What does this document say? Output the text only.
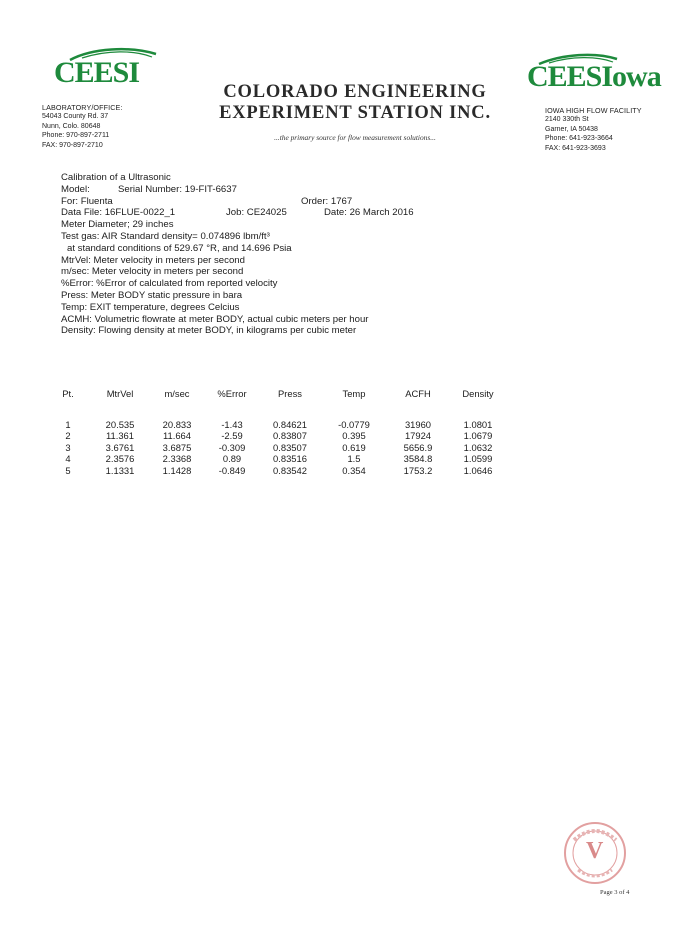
CEESI
LABORATORY/OFFICE:
54043 County Rd. 37
Nunn, Colo. 80648
Phone: 970-897-2711
FAX: 970-897-2710
COLORADO ENGINEERING
EXPERIMENT STATION INC.
...the primary source for flow measurement solutions...
CEESIowa
IOWA HIGH FLOW FACILITY
2140 330th St
Garner, IA 50438
Phone: 641-923-3664
FAX: 641-923-3693
Calibration of a Ultrasonic
Model:	Serial Number: 19-FIT-6637
For: Fluenta	Order: 1767
Data File: 16FLUE-0022_1	Job: CE24025	Date: 26 March 2016
Meter Diameter; 29 inches
Test gas: AIR Standard density= 0.074896 lbm/ft³
at standard conditions of 529.67 °R, and 14.696 Psia
MtrVel: Meter velocity in meters per second
m/sec: Meter velocity in meters per second
%Error: %Error of calculated from reported velocity
Press: Meter BODY static pressure in bara
Temp: EXIT temperature, degrees Celcius
ACMH: Volumetric flowrate at meter BODY, actual cubic meters per hour
Density: Flowing density at meter BODY, in kilograms per cubic meter
Pt.	MtrVel	m/sec	%Error	Press	Temp	ACFH	Density
1	20.535	20.833	-1.43	0.84621	-0.0779	31960	1.0801
2	11.361	11.664	-2.59	0.83807	0.395	17924	1.0679
3	3.6761	3.6875	-0.309	0.83507	0.619	5656.9	1.0632
4	2.3576	2.3368	0.89	0.83516	1.5	3584.8	1.0599
5	1.1331	1.1428	-0.849	0.83542	0.354	1753.2	1.0646
V
Page 3 of 4
